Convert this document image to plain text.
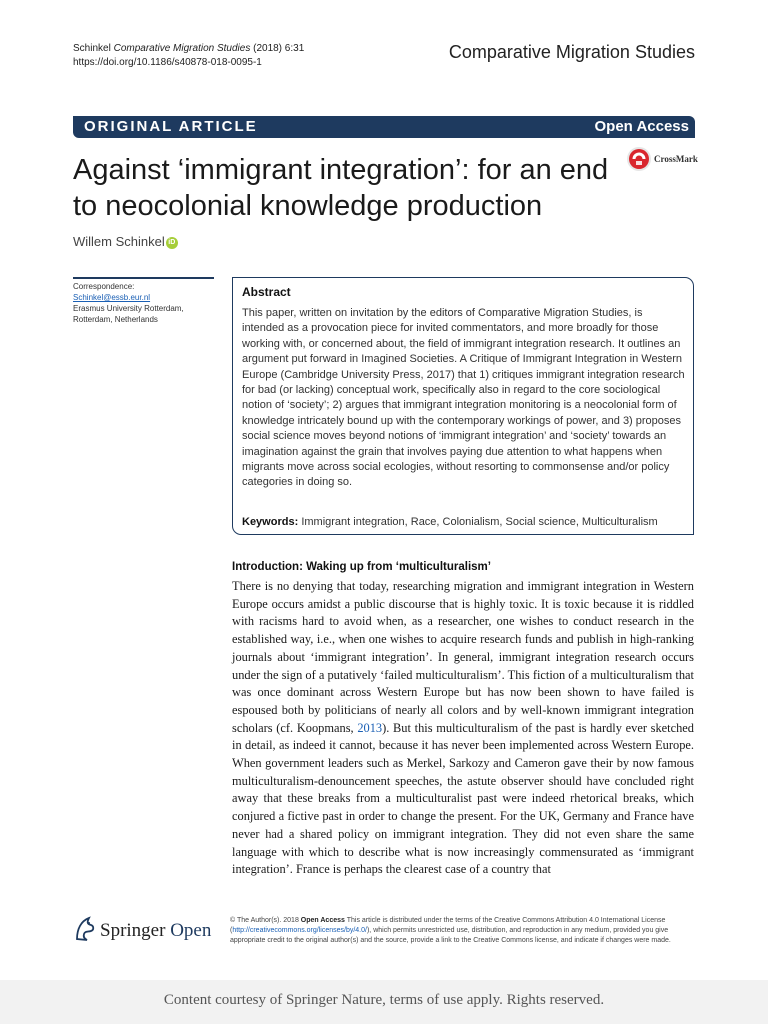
Schinkel Comparative Migration Studies (2018) 6:31
https://doi.org/10.1186/s40878-018-0095-1
Comparative Migration Studies
ORIGINAL ARTICLE	Open Access
Against ‘immigrant integration’: for an end to neocolonial knowledge production
CrossMark
Willem Schinkel iD
Correspondence:
Schinkel@essb.eur.nl
Erasmus University Rotterdam,
Rotterdam, Netherlands
Abstract
This paper, written on invitation by the editors of Comparative Migration Studies, is intended as a provocation piece for invited commentators, and more broadly for those working with, or concerned about, the field of immigrant integration research. It outlines an argument put forward in Imagined Societies. A Critique of Immigrant Integration in Western Europe (Cambridge University Press, 2017) that 1) critiques immigrant integration research for bad (or lacking) conceptual work, specifically also in regard to the core sociological notion of ‘society’; 2) argues that immigrant integration monitoring is a neocolonial form of knowledge intricately bound up with the contemporary workings of power, and 3) proposes social science moves beyond notions of ‘immigrant integration’ and ‘society’ towards an imagination against the grain that involves paying due attention to what happens when migrants move across social ecologies, without resorting to commonsense and/or policy categories in doing so.
Keywords: Immigrant integration, Race, Colonialism, Social science, Multiculturalism
Introduction: Waking up from ‘multiculturalism’
There is no denying that today, researching migration and immigrant integration in Western Europe occurs amidst a public discourse that is highly toxic. It is toxic because it is riddled with racisms hard to avoid when, as a researcher, one wishes to conduct research in the established way, i.e., when one wishes to acquire research funds and publish in high-ranking journals about ‘immigrant integration’. In general, immigrant integration research occurs under the sign of a putatively ‘failed multiculturalism’. This fiction of a multiculturalism that was once dominant across Western Europe but has now been shown to have failed is espoused both by politicians of nearly all colors and by well-known immigrant integration scholars (cf. Koopmans, 2013). But this multiculturalism of the past is hardly ever sketched in detail, as indeed it cannot, because it has never been implemented across Western Europe. When government leaders such as Merkel, Sarkozy and Cameron gave their by now famous multiculturalism-denouncement speeches, the astute observer should have concluded right away that these breaks from a multiculturalist past were indeed rhetorical breaks, which conjured a fictive past in order to change the present. For the UK, Germany and France have never had a shared policy on immigrant integration. They did not even share the same language with which to describe what is now increasingly commensurated as ‘immigrant integration’. France is perhaps the clearest case of a country that
Springer Open	© The Author(s). 2018 Open Access This article is distributed under the terms of the Creative Commons Attribution 4.0 International License (http://creativecommons.org/licenses/by/4.0/), which permits unrestricted use, distribution, and reproduction in any medium, provided you give appropriate credit to the original author(s) and the source, provide a link to the Creative Commons license, and indicate if changes were made.
Content courtesy of Springer Nature, terms of use apply. Rights reserved.
